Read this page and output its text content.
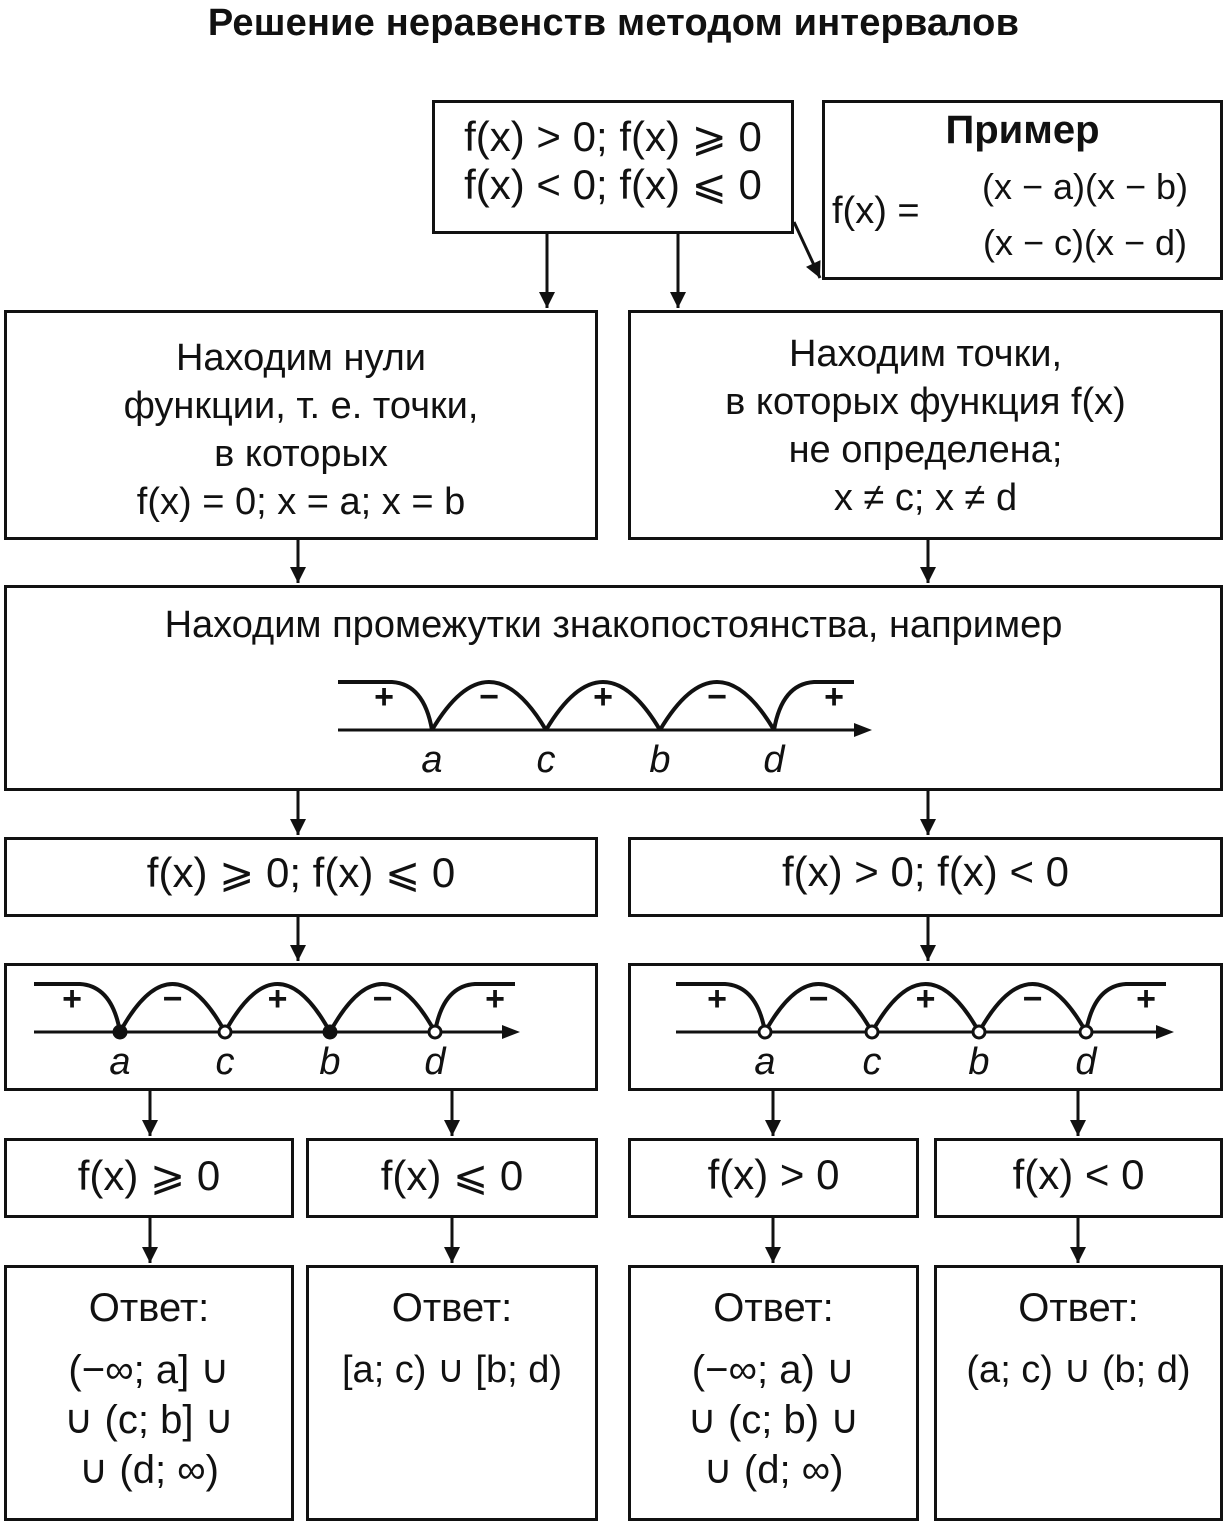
Решение неравенств методом интервалов
f(x) > 0; f(x) ⩾ 0
f(x) < 0; f(x) ⩽ 0
Пример
f(x) =
(x − a)(x − b)
(x − c)(x − d)
Находим нули
функции, т. е. точки,
в которых
f(x) = 0; x = a; x = b
Находим точки,
в которых функция f(x)
не определена;
x ≠ c; x ≠ d
Находим промежутки знакопостоянства, например
f(x) ⩾ 0; f(x) ⩽ 0	f(x) > 0; f(x) < 0
f(x) ⩾ 0	f(x) ⩽ 0	f(x) > 0	f(x) < 0
Ответ:
(−∞; a] ∪
∪ (c; b] ∪
∪ (d; ∞)
Ответ:
[a; c) ∪ [b; d)
Ответ:
(−∞; a) ∪
∪ (c; b) ∪
∪ (d; ∞)
Ответ:
(a; c) ∪ (b; d)
+	−	+	−	+
a c b d
+ −	+	−	+
a c b d
+ −	+	−	+
a c b d
